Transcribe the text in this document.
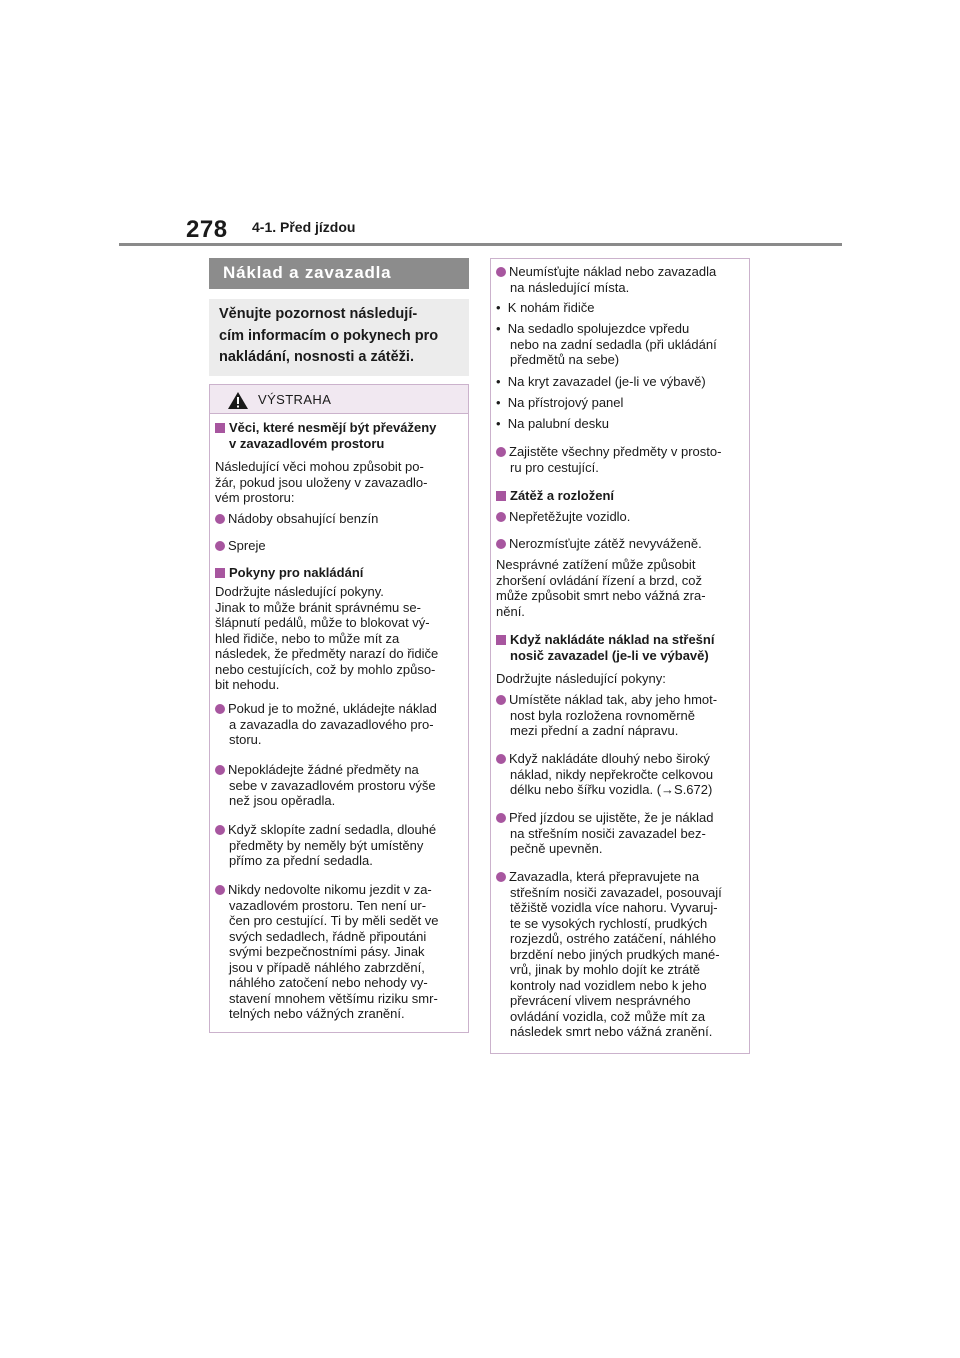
278 4-1. Před jízdou
Náklad a zavazadla
Věnujte pozornost následují-
cím informacím o pokynech pro
nakládání, nosnosti a zátěži.
VÝSTRAHA
Věci, které nesmějí být převáženy
v zavazadlovém prostoru
Následující věci mohou způsobit po-
žár, pokud jsou uloženy v zavazadlo-
vém prostoru:
Nádoby obsahující benzín
Spreje
Pokyny pro nakládání
Dodržujte následující pokyny.
Jinak to může bránit správnému se-
šlápnutí pedálů, může to blokovat vý-
hled řidiče, nebo to může mít za
následek, že předměty narazí do řidiče
nebo cestujících, což by mohlo způso-
bit nehodu.
Pokud je to možné, ukládejte náklad
a zavazadla do zavazadlového pro-
storu.
Nepokládejte žádné předměty na
sebe v zavazadlovém prostoru výše
než jsou opěradla.
Když sklopíte zadní sedadla, dlouhé
předměty by neměly být umístěny
přímo za přední sedadla.
Nikdy nedovolte nikomu jezdit v za-
vazadlovém prostoru. Ten není ur-
čen pro cestující. Ti by měli sedět ve
svých sedadlech, řádně připoutáni
svými bezpečnostními pásy. Jinak
jsou v případě náhlého zabrzdění,
náhlého zatočení nebo nehody vy-
stavení mnohem většímu riziku smr-
telných nebo vážných zranění.
Neumísťujte náklad nebo zavazadla
na následující místa.
•  K nohám řidiče
•  Na sedadlo spolujezdce vpředu
nebo na zadní sedadla (při ukládání
předmětů na sebe)
•  Na kryt zavazadel (je-li ve výbavě)
•  Na přístrojový panel
•  Na palubní desku
Zajistěte všechny předměty v prosto-
ru pro cestující.
Zátěž a rozložení
Nepřetěžujte vozidlo.
Nerozmísťujte zátěž nevyváženě.
Nesprávné zatížení může způsobit
zhoršení ovládání řízení a brzd, což
může způsobit smrt nebo vážná zra-
nění.
Když nakládáte náklad na střešní
nosič zavazadel (je-li ve výbavě)
Dodržujte následující pokyny:
Umístěte náklad tak, aby jeho hmot-
nost byla rozložena rovnoměrně
mezi přední a zadní nápravu.
Když nakládáte dlouhý nebo široký
náklad, nikdy nepřekročte celkovou
délku nebo šířku vozidla. (→S.672)
Před jízdou se ujistěte, že je náklad
na střešním nosiči zavazadel bez-
pečně upevněn.
Zavazadla, která přepravujete na
střešním nosiči zavazadel, posouvají
těžiště vozidla více nahoru. Vyvaruj-
te se vysokých rychlostí, prudkých
rozjezdů, ostrého zatáčení, náhlého
brzdění nebo jiných prudkých mané-
vrů, jinak by mohlo dojít ke ztrátě
kontroly nad vozidlem nebo k jeho
převrácení vlivem nesprávného
ovládání vozidla, což může mít za
následek smrt nebo vážná zranění.
